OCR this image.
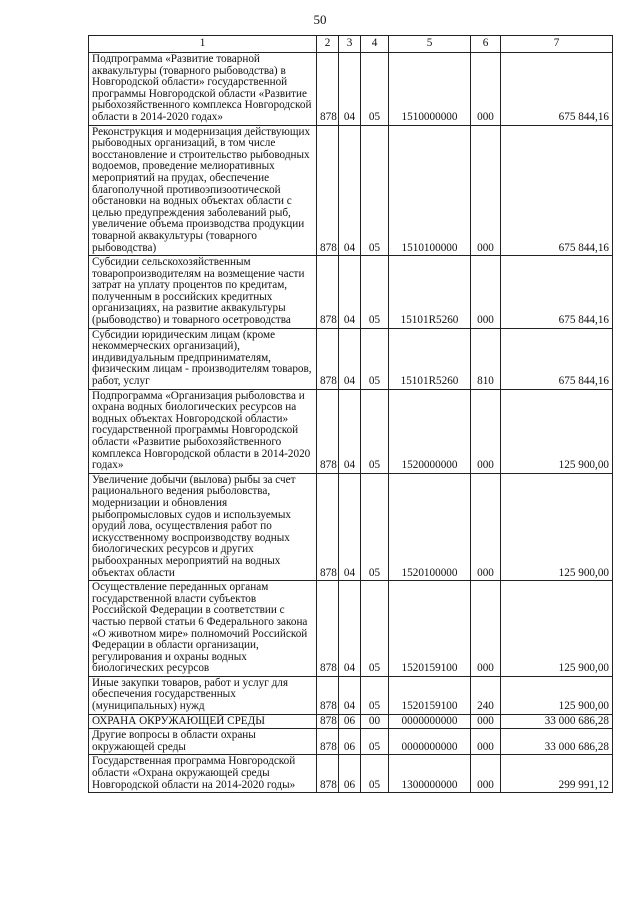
50
1	2	3	4	5	6	7

Подпрограмма «Развитие товарной аквакультуры (товарного рыбоводства) в Новгородской области» государственной программы Новгородской области «Развитие рыбохозяйственного комплекса Новгородской области в 2014-2020 годах»	878	04	05	1510000000	000	675 844,16

Реконструкция и модернизация действующих рыбоводных организаций, в том числе восстановление и строительство рыбоводных водоемов, проведение мелиоративных мероприятий на прудах, обеспечение благополучной противоэпизоотической обстановки на водных объектах области с целью предупреждения заболеваний рыб, увеличение объема производства продукции товарной аквакультуры (товарного рыбоводства)	878	04	05	1510100000	000	675 844,16

Субсидии сельскохозяйственным товаропроизводителям на возмещение части затрат на уплату процентов по кредитам, полученным в российских кредитных организациях, на развитие аквакультуры (рыбоводство) и товарного осетроводства	878	04	05	15101R5260	000	675 844,16

Субсидии юридическим лицам (кроме некоммерческих организаций), индивидуальным предпринимателям, физическим лицам - производителям товаров, работ, услуг	878	04	05	15101R5260	810	675 844,16

Подпрограмма «Организация рыболовства и охрана водных биологических ресурсов на водных объектах Новгородской области» государственной программы Новгородской области «Развитие рыбохозяйственного комплекса Новгородской области в 2014-2020 годах»	878	04	05	1520000000	000	125 900,00

Увеличение добычи (вылова) рыбы за счет рационального ведения рыболовства, модернизации и обновления рыбопромысловых судов и используемых орудий лова, осуществления работ по искусственному воспроизводству водных биологических ресурсов и других рыбоохранных мероприятий на водных объектах области	878	04	05	1520100000	000	125 900,00

Осуществление переданных органам государственной власти субъектов Российской Федерации в соответствии с частью первой статьи 6 Федерального закона «О животном мире» полномочий Российской Федерации в области организации, регулирования и охраны водных биологических ресурсов	878	04	05	1520159100	000	125 900,00

Иные закупки товаров, работ и услуг для обеспечения государственных (муниципальных) нужд	878	04	05	1520159100	240	125 900,00

ОХРАНА ОКРУЖАЮЩЕЙ СРЕДЫ	878	06	00	0000000000	000	33 000 686,28

Другие вопросы в области охраны окружающей среды	878	06	05	0000000000	000	33 000 686,28

Государственная программа Новгородской области «Охрана окружающей среды Новгородской области на 2014-2020 годы»	878	06	05	1300000000	000	299 991,12
